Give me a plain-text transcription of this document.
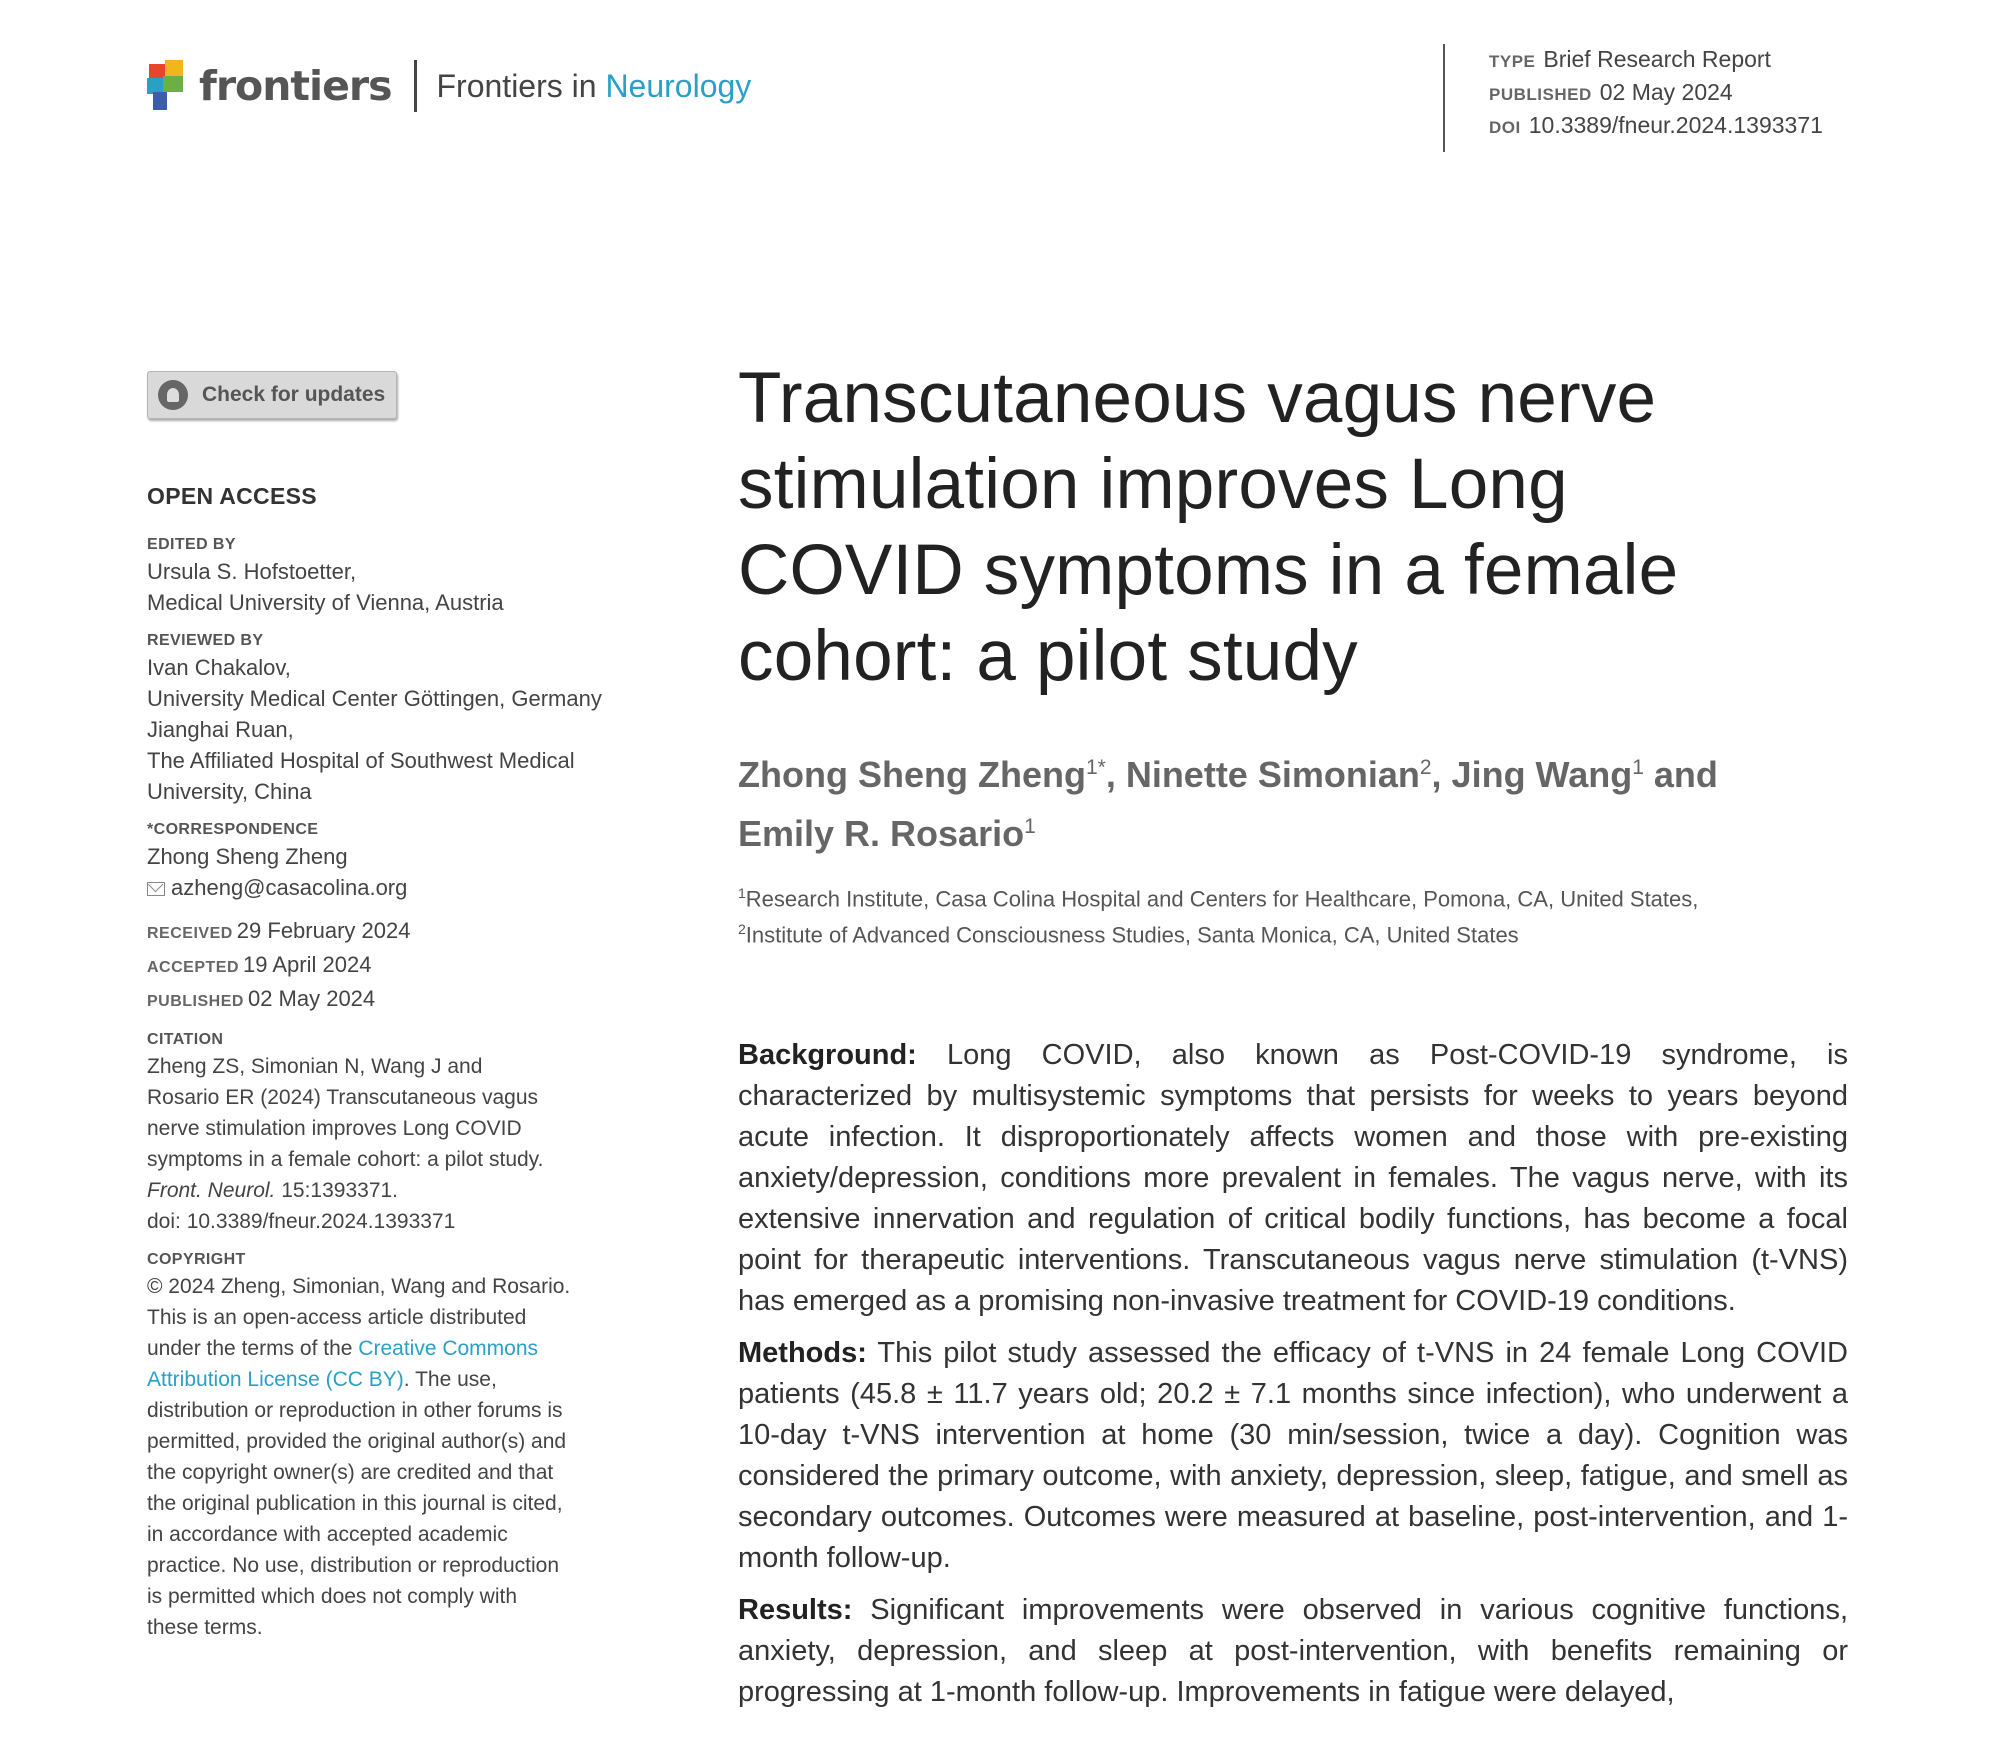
frontiers Frontiers in Neurology
TYPE Brief Research Report
PUBLISHED 02 May 2024
DOI 10.3389/fneur.2024.1393371
Check for updates
OPEN ACCESS
EDITED BY
Ursula S. Hofstoetter,
Medical University of Vienna, Austria
REVIEWED BY
Ivan Chakalov,
University Medical Center Göttingen, Germany
Jianghai Ruan,
The Affiliated Hospital of Southwest Medical
University, China
*CORRESPONDENCE
Zhong Sheng Zheng
azheng@casacolina.org
RECEIVED 29 February 2024
ACCEPTED 19 April 2024
PUBLISHED 02 May 2024
CITATION
Zheng ZS, Simonian N, Wang J and
Rosario ER (2024) Transcutaneous vagus
nerve stimulation improves Long COVID
symptoms in a female cohort: a pilot study.
Front. Neurol. 15:1393371.
doi: 10.3389/fneur.2024.1393371
COPYRIGHT
© 2024 Zheng, Simonian, Wang and Rosario.
This is an open-access article distributed
under the terms of the Creative Commons
Attribution License (CC BY). The use,
distribution or reproduction in other forums is
permitted, provided the original author(s) and
the copyright owner(s) are credited and that
the original publication in this journal is cited,
in accordance with accepted academic
practice. No use, distribution or reproduction
is permitted which does not comply with
these terms.
Transcutaneous vagus nerve
stimulation improves Long
COVID symptoms in a female
cohort: a pilot study
Zhong Sheng Zheng$^{1*}$, Ninette Simonian$^2$, Jing Wang$^1$ and
Emily R. Rosario$^1$
$^1$Research Institute, Casa Colina Hospital and Centers for Healthcare, Pomona, CA, United States,
$^2$Institute of Advanced Consciousness Studies, Santa Monica, CA, United States

Background: Long COVID, also known as Post-COVID-19 syndrome, is characterized by multisystemic symptoms that persists for weeks to years beyond acute infection. It disproportionately affects women and those with pre-existing anxiety/depression, conditions more prevalent in females. The vagus nerve, with its extensive innervation and regulation of critical bodily functions, has become a focal point for therapeutic interventions. Transcutaneous vagus nerve stimulation (t-VNS) has emerged as a promising non-invasive treatment for COVID-19 conditions.

Methods: This pilot study assessed the efficacy of t-VNS in 24 female Long COVID patients (45.8 ± 11.7 years old; 20.2 ± 7.1 months since infection), who underwent a 10-day t-VNS intervention at home (30 min/session, twice a day). Cognition was considered the primary outcome, with anxiety, depression, sleep, fatigue, and smell as secondary outcomes. Outcomes were measured at baseline, post-intervention, and 1-month follow-up.

Results: Significant improvements were observed in various cognitive functions, anxiety, depression, and sleep at post-intervention, with benefits remaining or progressing at 1-month follow-up. Improvements in fatigue were delayed,
